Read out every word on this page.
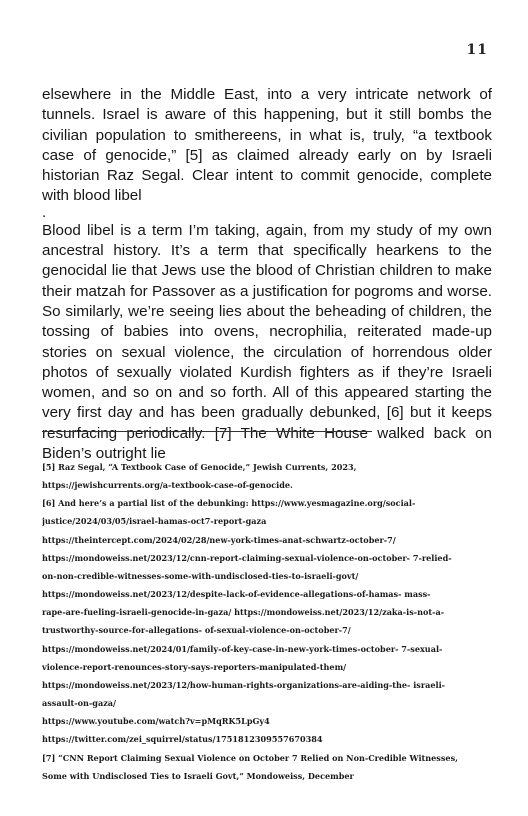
11

elsewhere in the Middle East, into a very intricate network of tunnels. Israel is aware of this happening, but it still bombs the civilian population to smithereens, in what is, truly, “a textbook case of genocide,” [5] as claimed already early on by Israeli historian Raz Segal. Clear intent to commit genocide, complete with blood libel

.

Blood libel is a term I’m taking, again, from my study of my own ancestral history. It’s a term that specifically hearkens to the genocidal lie that Jews use the blood of Christian children to make their matzah for Passover as a justification for pogroms and worse. So similarly, we’re seeing lies about the beheading of children, the tossing of babies into ovens, necrophilia, reiterated made-up stories on sexual violence, the circulation of horrendous older photos of sexually violated Kurdish fighters as if they’re Israeli women, and so on and so forth. All of this appeared starting the very first day and has been gradually debunked, [6] but it keeps resurfacing periodically. [7] The White House walked back on Biden’s outright lie

[5] Raz Segal, “A Textbook Case of Genocide,” Jewish Currents, 2023,
https://jewishcurrents.org/a-textbook-case-of-genocide.
[6] And here’s a partial list of the debunking: https://www.yesmagazine.org/social-
justice/2024/03/05/israel-hamas-oct7-report-gaza
https://theintercept.com/2024/02/28/new-york-times-anat-schwartz-october-7/
https://mondoweiss.net/2023/12/cnn-report-claiming-sexual-violence-on-october- 7-relied-
on-non-credible-witnesses-some-with-undisclosed-ties-to-israeli-govt/
https://mondoweiss.net/2023/12/despite-lack-of-evidence-allegations-of-hamas- mass-
rape-are-fueling-israeli-genocide-in-gaza/ https://mondoweiss.net/2023/12/zaka-is-not-a-
trustworthy-source-for-allegations- of-sexual-violence-on-october-7/
https://mondoweiss.net/2024/01/family-of-key-case-in-new-york-times-october- 7-sexual-
violence-report-renounces-story-says-reporters-manipulated-them/
https://mondoweiss.net/2023/12/how-human-rights-organizations-are-aiding-the- israeli-
assault-on-gaza/
https://www.youtube.com/watch?v=pMqRK5LpGy4
https://twitter.com/zei_squirrel/status/1751812309557670384
[7] “CNN Report Claiming Sexual Violence on October 7 Relied on Non-Credible Witnesses,
Some with Undisclosed Ties to Israeli Govt,” Mondoweiss, December
